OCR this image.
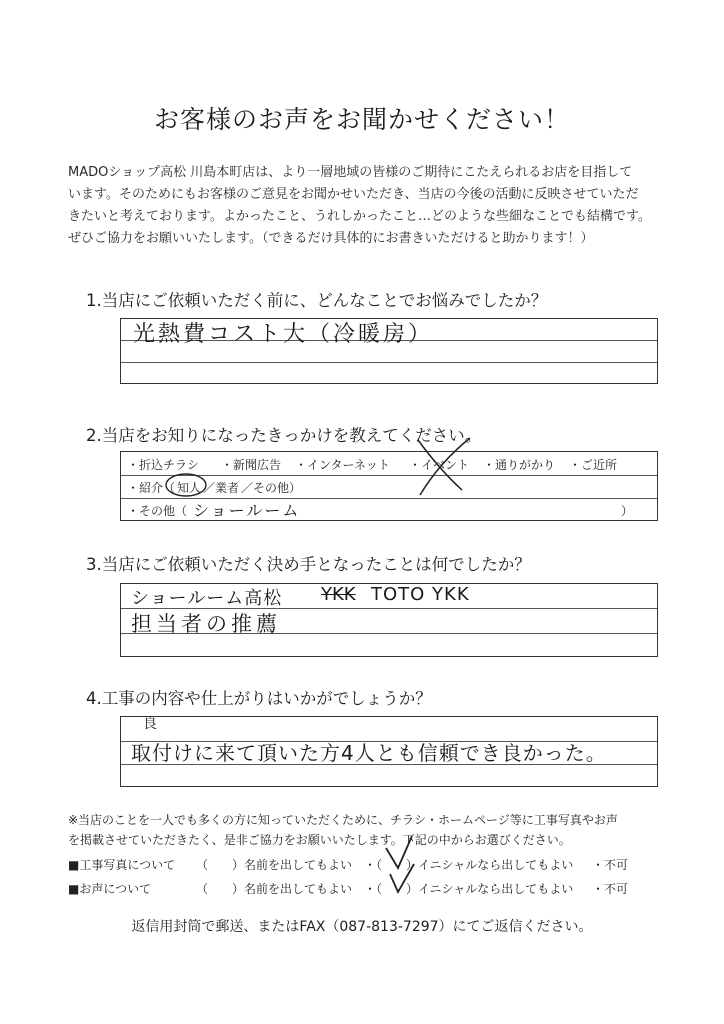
お客様のお声をお聞かせください！
MADOショップ高松 川島本町店は、より一層地域の皆様のご期待にこたえられるお店を目指して
います。そのためにもお客様のご意見をお聞かせいただき、当店の今後の活動に反映させていただ
きたいと考えております。よかったこと、うれしかったこと…どのような些細なことでも結構です。
ぜひご協力をお願いいたします。（できるだけ具体的にお書きいただけると助かります！）
1.当店にご依頼いただく前に、どんなことでお悩みでしたか？
光熱費コスト大（冷暖房）
2.当店をお知りになったきっかけを教えてください。
・折込チラシ ・新聞広告 ・インターネット ・イベント ・通りがかり ・ご近所
・紹介（ 知人 ／ 業者 ／ その他）
・その他（ ショールーム	）
3.当店にご依頼いただく決め手となったことは何でしたか？
ショールーム高松 YKK TOTO YKK
担当者の推薦
4.工事の内容や仕上がりはいかがでしょうか？
良
取付けに来て頂いた方4人とも信頼でき良かった。
※当店のことを一人でも多くの方に知っていただくために、チラシ・ホームページ等に工事写真やお声
を掲載させていただきたく、是非ご協力をお願いいたします。下記の中からお選びください。
■工事写真について （　　）名前を出してもよい ・（　　）イニシャルなら出してもよい ・不可
■お声について	（　　）名前を出してもよい ・（　　）イニシャルなら出してもよい ・不可
返信用封筒で郵送、またはFAX（087-813-7297）にてご返信ください。
